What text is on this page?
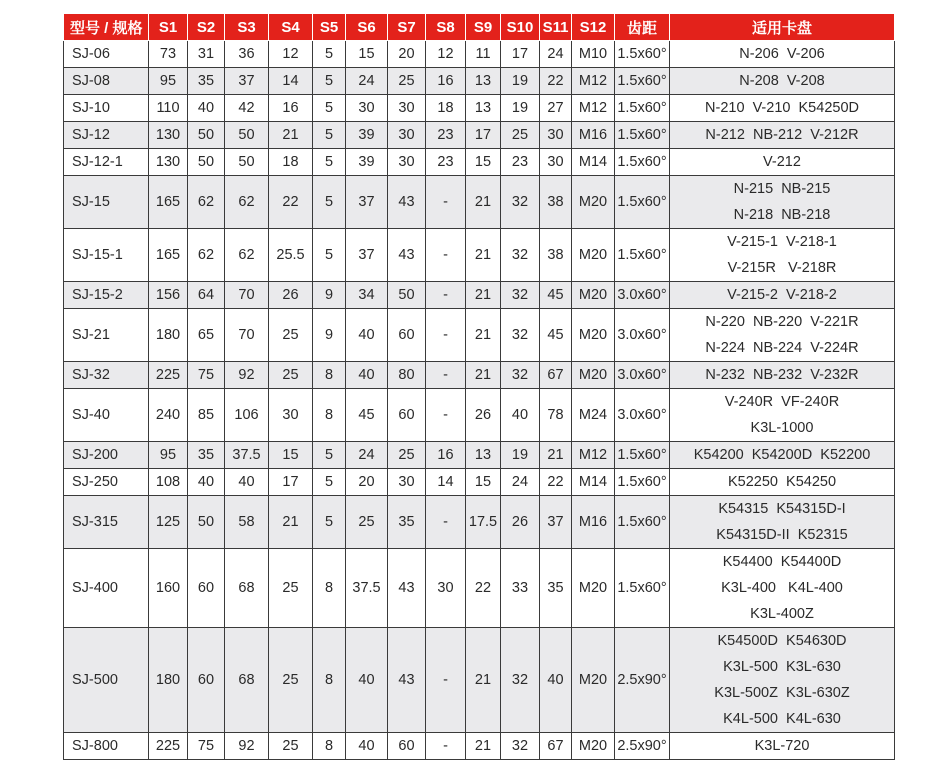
型号 / 规格	S1	S2	S3	S4	S5	S6	S7	S8	S9	S10	S11	S12	齿距	适用卡盘
SJ-06	73	31	36	12	5	15	20	12	11	17	24	M10	1.5x60°	N-206  V-206

SJ-08	95	35	37	14	5	24	25	16	13	19	22	M12	1.5x60°	N-208  V-208

SJ-10	110	40	42	16	5	30	30	18	13	19	27	M12	1.5x60°	N-210  V-210  K54250D

SJ-12	130	50	50	21	5	39	30	23	17	25	30	M16	1.5x60°	N-212  NB-212  V-212R

SJ-12-1	130	50	50	18	5	39	30	23	15	23	30	M14	1.5x60°	V-212

SJ-15	165	62	62	22	5	37	43	-	21	32	38	M20	1.5x60°	N-215  NB-215
N-218  NB-218

SJ-15-1	165	62	62	25.5	5	37	43	-	21	32	38	M20	1.5x60°	V-215-1  V-218-1
V-215R   V-218R

SJ-15-2	156	64	70	26	9	34	50	-	21	32	45	M20	3.0x60°	V-215-2  V-218-2

SJ-21	180	65	70	25	9	40	60	-	21	32	45	M20	3.0x60°	N-220  NB-220  V-221R
N-224  NB-224  V-224R

SJ-32	225	75	92	25	8	40	80	-	21	32	67	M20	3.0x60°	N-232  NB-232  V-232R

SJ-40	240	85	106	30	8	45	60	-	26	40	78	M24	3.0x60°	V-240R  VF-240R
K3L-1000

SJ-200	95	35	37.5	15	5	24	25	16	13	19	21	M12	1.5x60°	K54200  K54200D  K52200

SJ-250	108	40	40	17	5	20	30	14	15	24	22	M14	1.5x60°	K52250  K54250

SJ-315	125	50	58	21	5	25	35	-	17.5	26	37	M16	1.5x60°	K54315  K54315D-I
K54315D-II  K52315

SJ-400	160	60	68	25	8	37.5	43	30	22	33	35	M20	1.5x60°	K54400  K54400D
K3L-400   K4L-400
K3L-400Z

SJ-500	180	60	68	25	8	40	43	-	21	32	40	M20	2.5x90°	K54500D  K54630D
K3L-500  K3L-630
K3L-500Z  K3L-630Z
K4L-500  K4L-630

SJ-800	225	75	92	25	8	40	60	-	21	32	67	M20	2.5x90°	K3L-720
